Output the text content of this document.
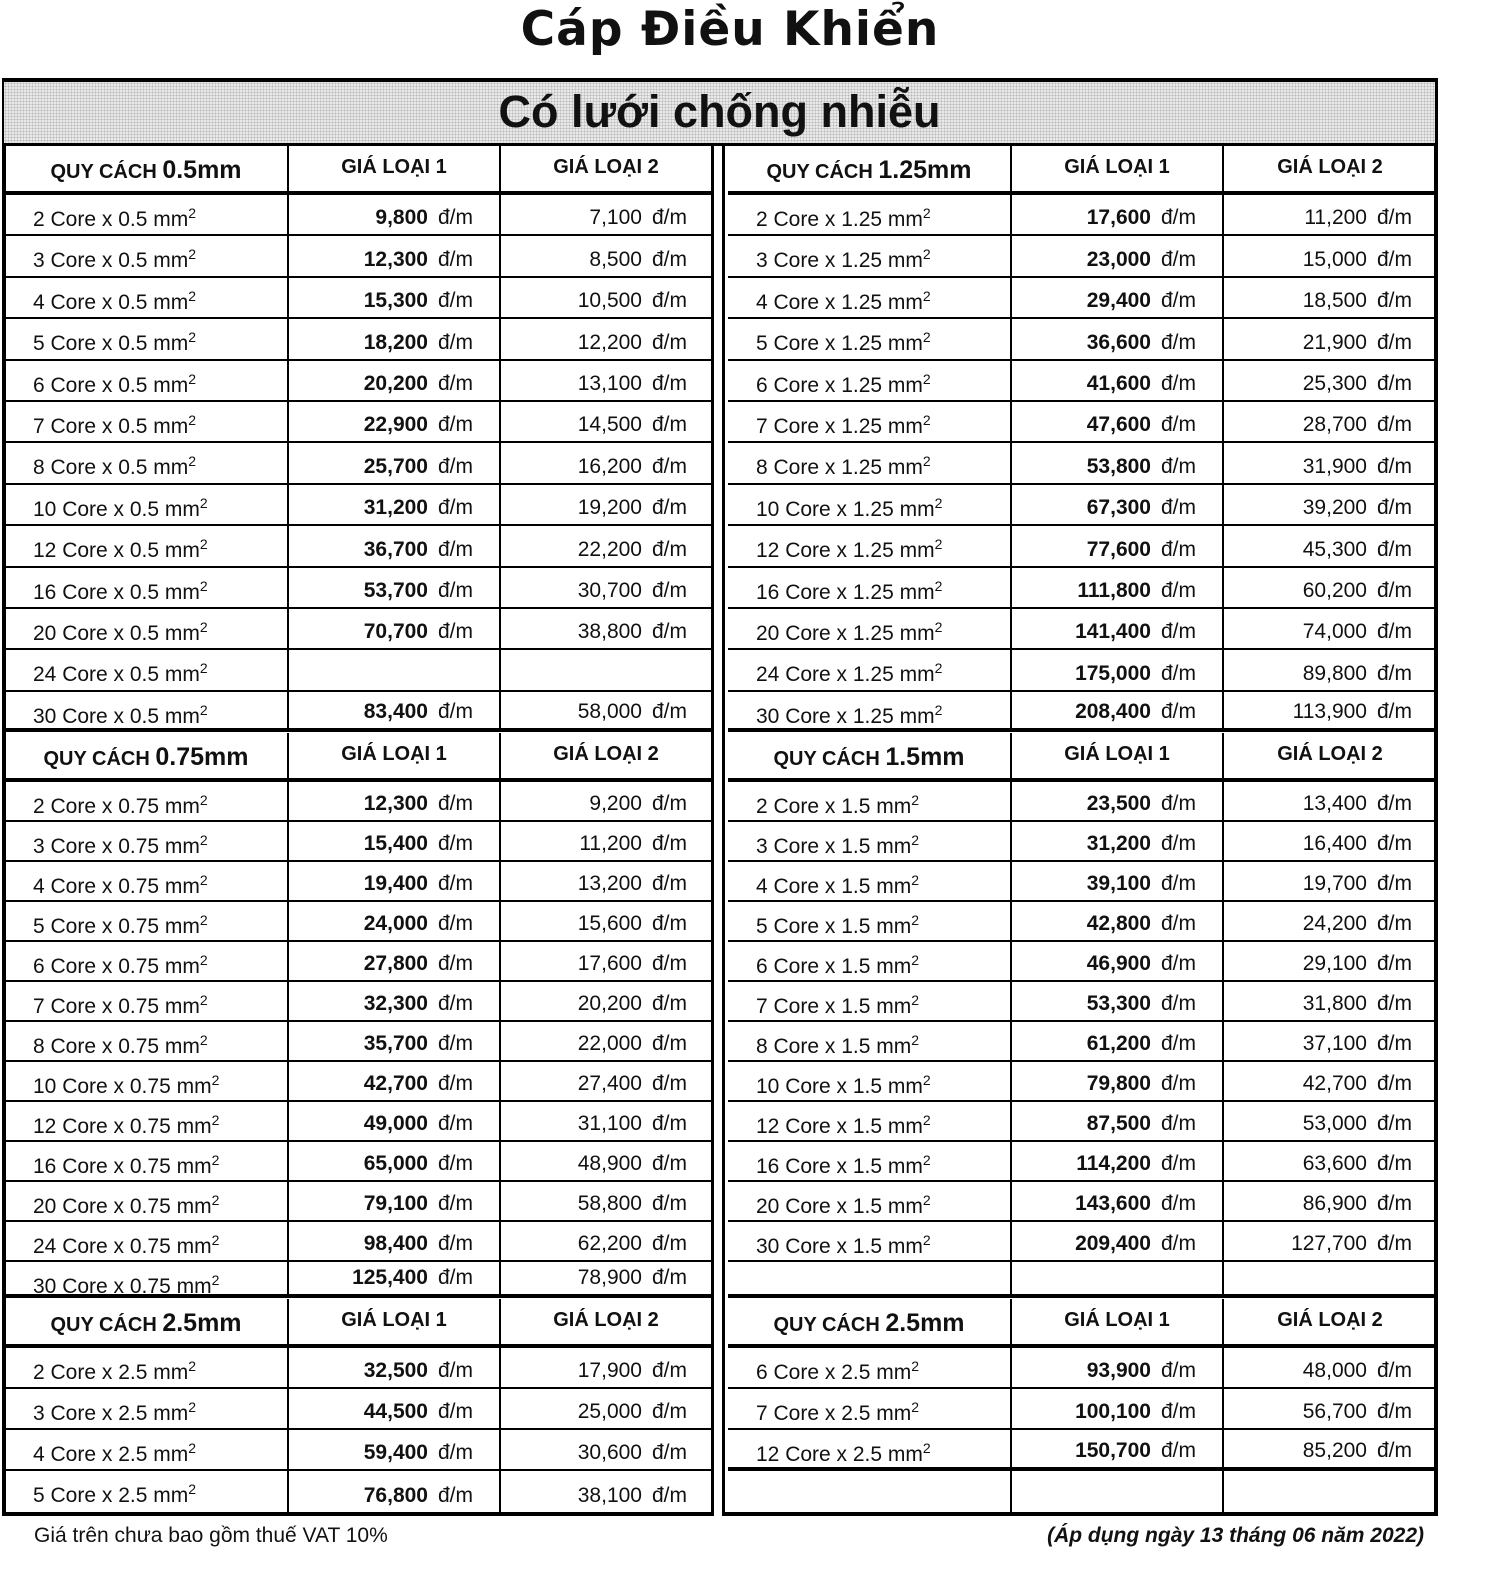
Cáp Điều Khiển
Có lưới chống nhiễu
QUY CÁCH 0.5mm	GIÁ LOẠI 1	GIÁ LOẠI 2
2 Core x 0.5 $mm^2$	9,800 đ/m	7,100 đ/m
3 Core x 0.5 $mm^2$	12,300 đ/m	8,500 đ/m
4 Core x 0.5 $mm^2$	15,300 đ/m	10,500 đ/m
5 Core x 0.5 $mm^2$	18,200 đ/m	12,200 đ/m
6 Core x 0.5 $mm^2$	20,200 đ/m	13,100 đ/m
7 Core x 0.5 $mm^2$	22,900 đ/m	14,500 đ/m
8 Core x 0.5 $mm^2$	25,700 đ/m	16,200 đ/m
10 Core x 0.5 $mm^2$	31,200 đ/m	19,200 đ/m
12 Core x 0.5 $mm^2$	36,700 đ/m	22,200 đ/m
16 Core x 0.5 $mm^2$	53,700 đ/m	30,700 đ/m
20 Core x 0.5 $mm^2$	70,700 đ/m	38,800 đ/m
24 Core x 0.5 $mm^2$
30 Core x 0.5 $mm^2$	83,400 đ/m	58,000 đ/m
QUY CÁCH 1.25mm	GIÁ LOẠI 1	GIÁ LOẠI 2
2 Core x 1.25 $mm^2$	17,600 đ/m	11,200 đ/m
3 Core x 1.25 $mm^2$	23,000 đ/m	15,000 đ/m
4 Core x 1.25 $mm^2$	29,400 đ/m	18,500 đ/m
5 Core x 1.25 $mm^2$	36,600 đ/m	21,900 đ/m
6 Core x 1.25 $mm^2$	41,600 đ/m	25,300 đ/m
7 Core x 1.25 $mm^2$	47,600 đ/m	28,700 đ/m
8 Core x 1.25 $mm^2$	53,800 đ/m	31,900 đ/m
10 Core x 1.25 $mm^2$	67,300 đ/m	39,200 đ/m
12 Core x 1.25 $mm^2$	77,600 đ/m	45,300 đ/m
16 Core x 1.25 $mm^2$	111,800 đ/m	60,200 đ/m
20 Core x 1.25 $mm^2$	141,400 đ/m	74,000 đ/m
24 Core x 1.25 $mm^2$	175,000 đ/m	89,800 đ/m
30 Core x 1.25 $mm^2$	208,400 đ/m	113,900 đ/m
QUY CÁCH 0.75mm	GIÁ LOẠI 1	GIÁ LOẠI 2
2 Core x 0.75 $mm^2$	12,300 đ/m	9,200 đ/m
3 Core x 0.75 $mm^2$	15,400 đ/m	11,200 đ/m
4 Core x 0.75 $mm^2$	19,400 đ/m	13,200 đ/m
5 Core x 0.75 $mm^2$	24,000 đ/m	15,600 đ/m
6 Core x 0.75 $mm^2$	27,800 đ/m	17,600 đ/m
7 Core x 0.75 $mm^2$	32,300 đ/m	20,200 đ/m
8 Core x 0.75 $mm^2$	35,700 đ/m	22,000 đ/m
10 Core x 0.75 $mm^2$	42,700 đ/m	27,400 đ/m
12 Core x 0.75 $mm^2$	49,000 đ/m	31,100 đ/m
16 Core x 0.75 $mm^2$	65,000 đ/m	48,900 đ/m
20 Core x 0.75 $mm^2$	79,100 đ/m	58,800 đ/m
24 Core x 0.75 $mm^2$	98,400 đ/m	62,200 đ/m
30 Core x 0.75 $mm^2$	125,400 đ/m	78,900 đ/m
QUY CÁCH 1.5mm	GIÁ LOẠI 1	GIÁ LOẠI 2
2 Core x 1.5 $mm^2$	23,500 đ/m	13,400 đ/m
3 Core x 1.5 $mm^2$	31,200 đ/m	16,400 đ/m
4 Core x 1.5 $mm^2$	39,100 đ/m	19,700 đ/m
5 Core x 1.5 $mm^2$	42,800 đ/m	24,200 đ/m
6 Core x 1.5 $mm^2$	46,900 đ/m	29,100 đ/m
7 Core x 1.5 $mm^2$	53,300 đ/m	31,800 đ/m
8 Core x 1.5 $mm^2$	61,200 đ/m	37,100 đ/m
10 Core x 1.5 $mm^2$	79,800 đ/m	42,700 đ/m
12 Core x 1.5 $mm^2$	87,500 đ/m	53,000 đ/m
16 Core x 1.5 $mm^2$	114,200 đ/m	63,600 đ/m
20 Core x 1.5 $mm^2$	143,600 đ/m	86,900 đ/m
30 Core x 1.5 $mm^2$	209,400 đ/m	127,700 đ/m
QUY CÁCH 2.5mm	GIÁ LOẠI 1	GIÁ LOẠI 2
2 Core x 2.5 $mm^2$	32,500 đ/m	17,900 đ/m
3 Core x 2.5 $mm^2$	44,500 đ/m	25,000 đ/m
4 Core x 2.5 $mm^2$	59,400 đ/m	30,600 đ/m
5 Core x 2.5 $mm^2$	76,800 đ/m	38,100 đ/m
QUY CÁCH 2.5mm	GIÁ LOẠI 1	GIÁ LOẠI 2
6 Core x 2.5 $mm^2$	93,900 đ/m	48,000 đ/m
7 Core x 2.5 $mm^2$	100,100 đ/m	56,700 đ/m
12 Core x 2.5 $mm^2$	150,700 đ/m	85,200 đ/m
Giá trên chưa bao gồm thuế VAT 10%	(Áp dụng ngày 13 tháng 06 năm 2022)
